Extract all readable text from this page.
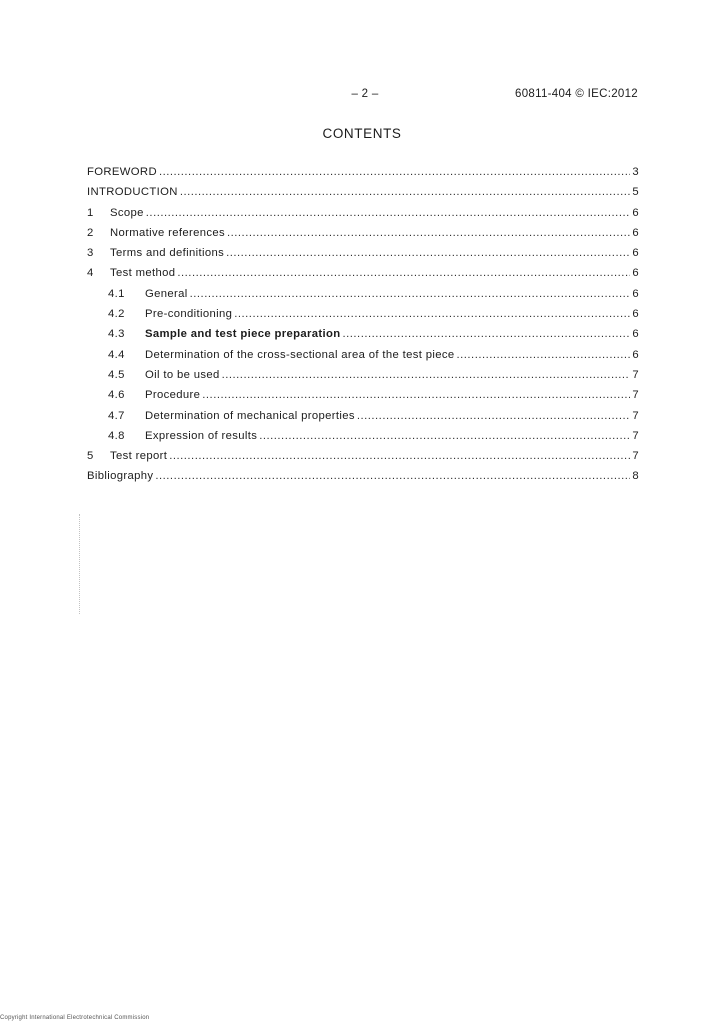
– 2 –	60811-404 © IEC:2012
CONTENTS
FOREWORD .....	3
INTRODUCTION .....	5
1	Scope .....	6
2	Normative references .....	6
3	Terms and definitions .....	6
4	Test method .....	6
4.1	General .....	6
4.2	Pre-conditioning .....	6
4.3	Sample and test piece preparation .....	6
4.4	Determination of the cross-sectional area of the test piece .....	6
4.5	Oil to be used .....	7
4.6	Procedure .....	7
4.7	Determination of mechanical properties .....	7
4.8	Expression of results .....	7
5	Test report .....	7
Bibliography .....	8
Copyright International Electrotechnical Commission
